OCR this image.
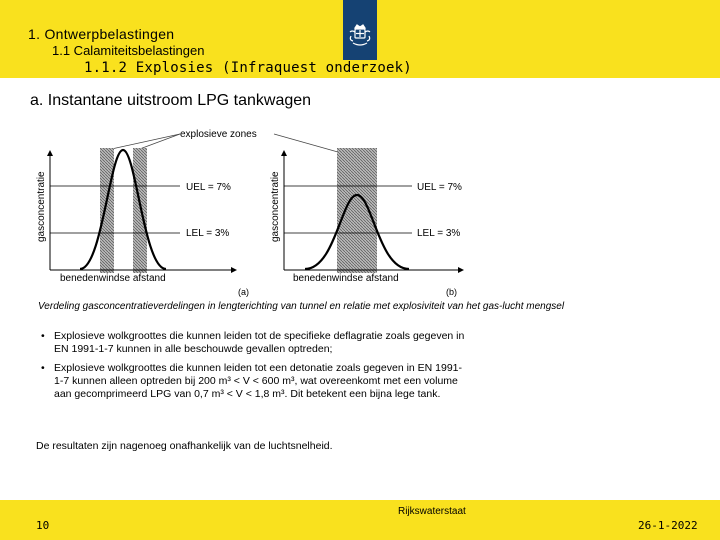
1. Ontwerpbelastingen
1.1 Calamiteitsbelastingen
1.1.2 Explosies (Infraquest onderzoek)
a. Instantane uitstroom LPG tankwagen
explosieve zones
gasconcentratie
benedenwindse afstand
UEL = 7%
LEL = 3%
(a)
gasconcentratie
benedenwindse afstand
UEL = 7%
LEL = 3%
(b)
Verdeling gasconcentratieverdelingen in lengterichting van tunnel en relatie met explosiviteit van het gas-lucht mengsel
• Explosieve wolkgroottes die kunnen leiden tot de specifieke deflagratie zoals gegeven in EN 1991-1-7 kunnen in alle beschouwde gevallen optreden;
• Explosieve wolkgroottes die kunnen leiden tot een detonatie zoals gegeven in EN 1991-1-7 kunnen alleen optreden bij 200 m³ < V < 600 m³, wat overeenkomt met een volume aan gecomprimeerd LPG van 0,7 m³ < V < 1,8 m³. Dit betekent een bijna lege tank.
De resultaten zijn nagenoeg onafhankelijk van de luchtsnelheid.
10
Rijkswaterstaat
26-1-2022
